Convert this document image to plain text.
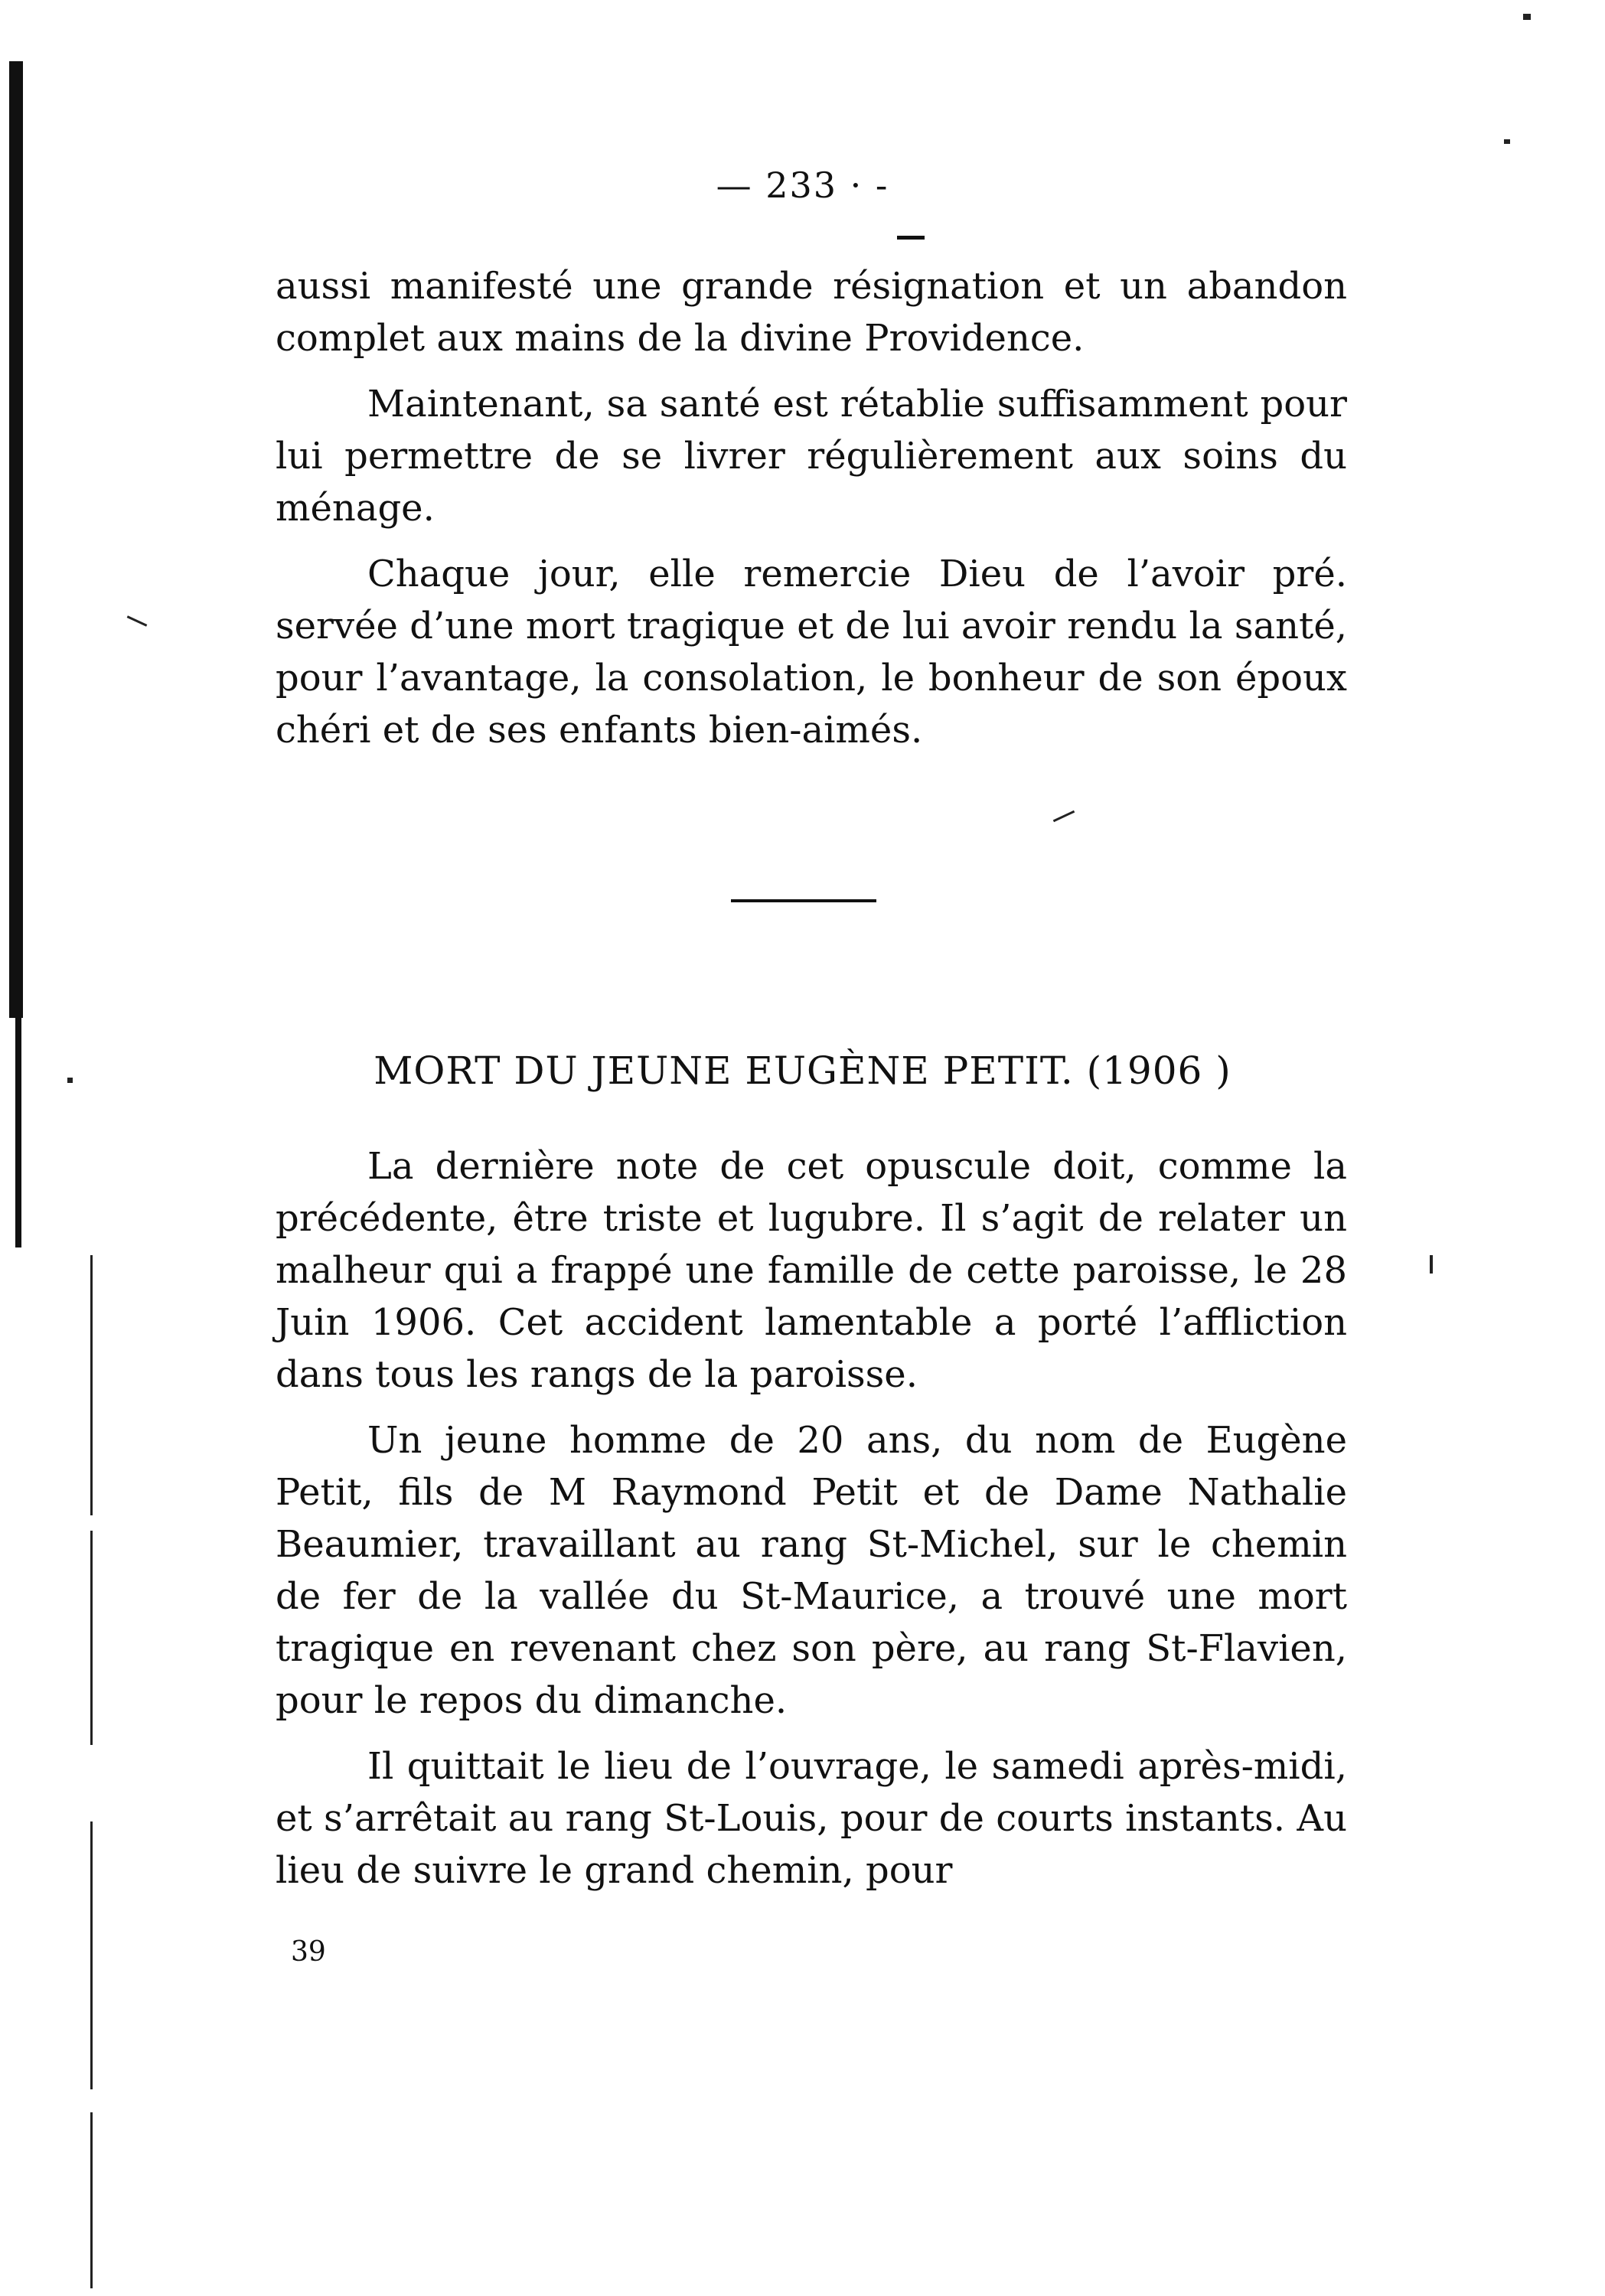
— 233 · -

aussi manifesté une grande résignation et un abandon complet aux mains de la divine Providence.

Maintenant, sa santé est rétablie suffisamment pour lui permettre de se livrer régulièrement aux soins du ménage.

Chaque jour, elle remercie Dieu de l’avoir pré. servée d’une mort tragique et de lui avoir rendu la santé, pour l’avantage, la consolation, le bonheur de son époux chéri et de ses enfants bien-aimés.

MORT DU JEUNE EUGÈNE PETIT. (1906 )

La dernière note de cet opuscule doit, comme la précédente, être triste et lugubre. Il s’agit de relater un malheur qui a frappé une famille de cette paroisse, le 28 Juin 1906. Cet accident lamentable a porté l’affliction dans tous les rangs de la paroisse.

Un jeune homme de 20 ans, du nom de Eugène Petit, fils de M Raymond Petit et de Dame Nathalie Beaumier, travaillant au rang St-Michel, sur le chemin de fer de la vallée du St-Maurice, a trouvé une mort tragique en revenant chez son père, au rang St-Flavien, pour le repos du dimanche.

Il quittait le lieu de l’ouvrage, le samedi après-midi, et s’arrêtait au rang St-Louis, pour de courts instants. Au lieu de suivre le grand chemin, pour

39
